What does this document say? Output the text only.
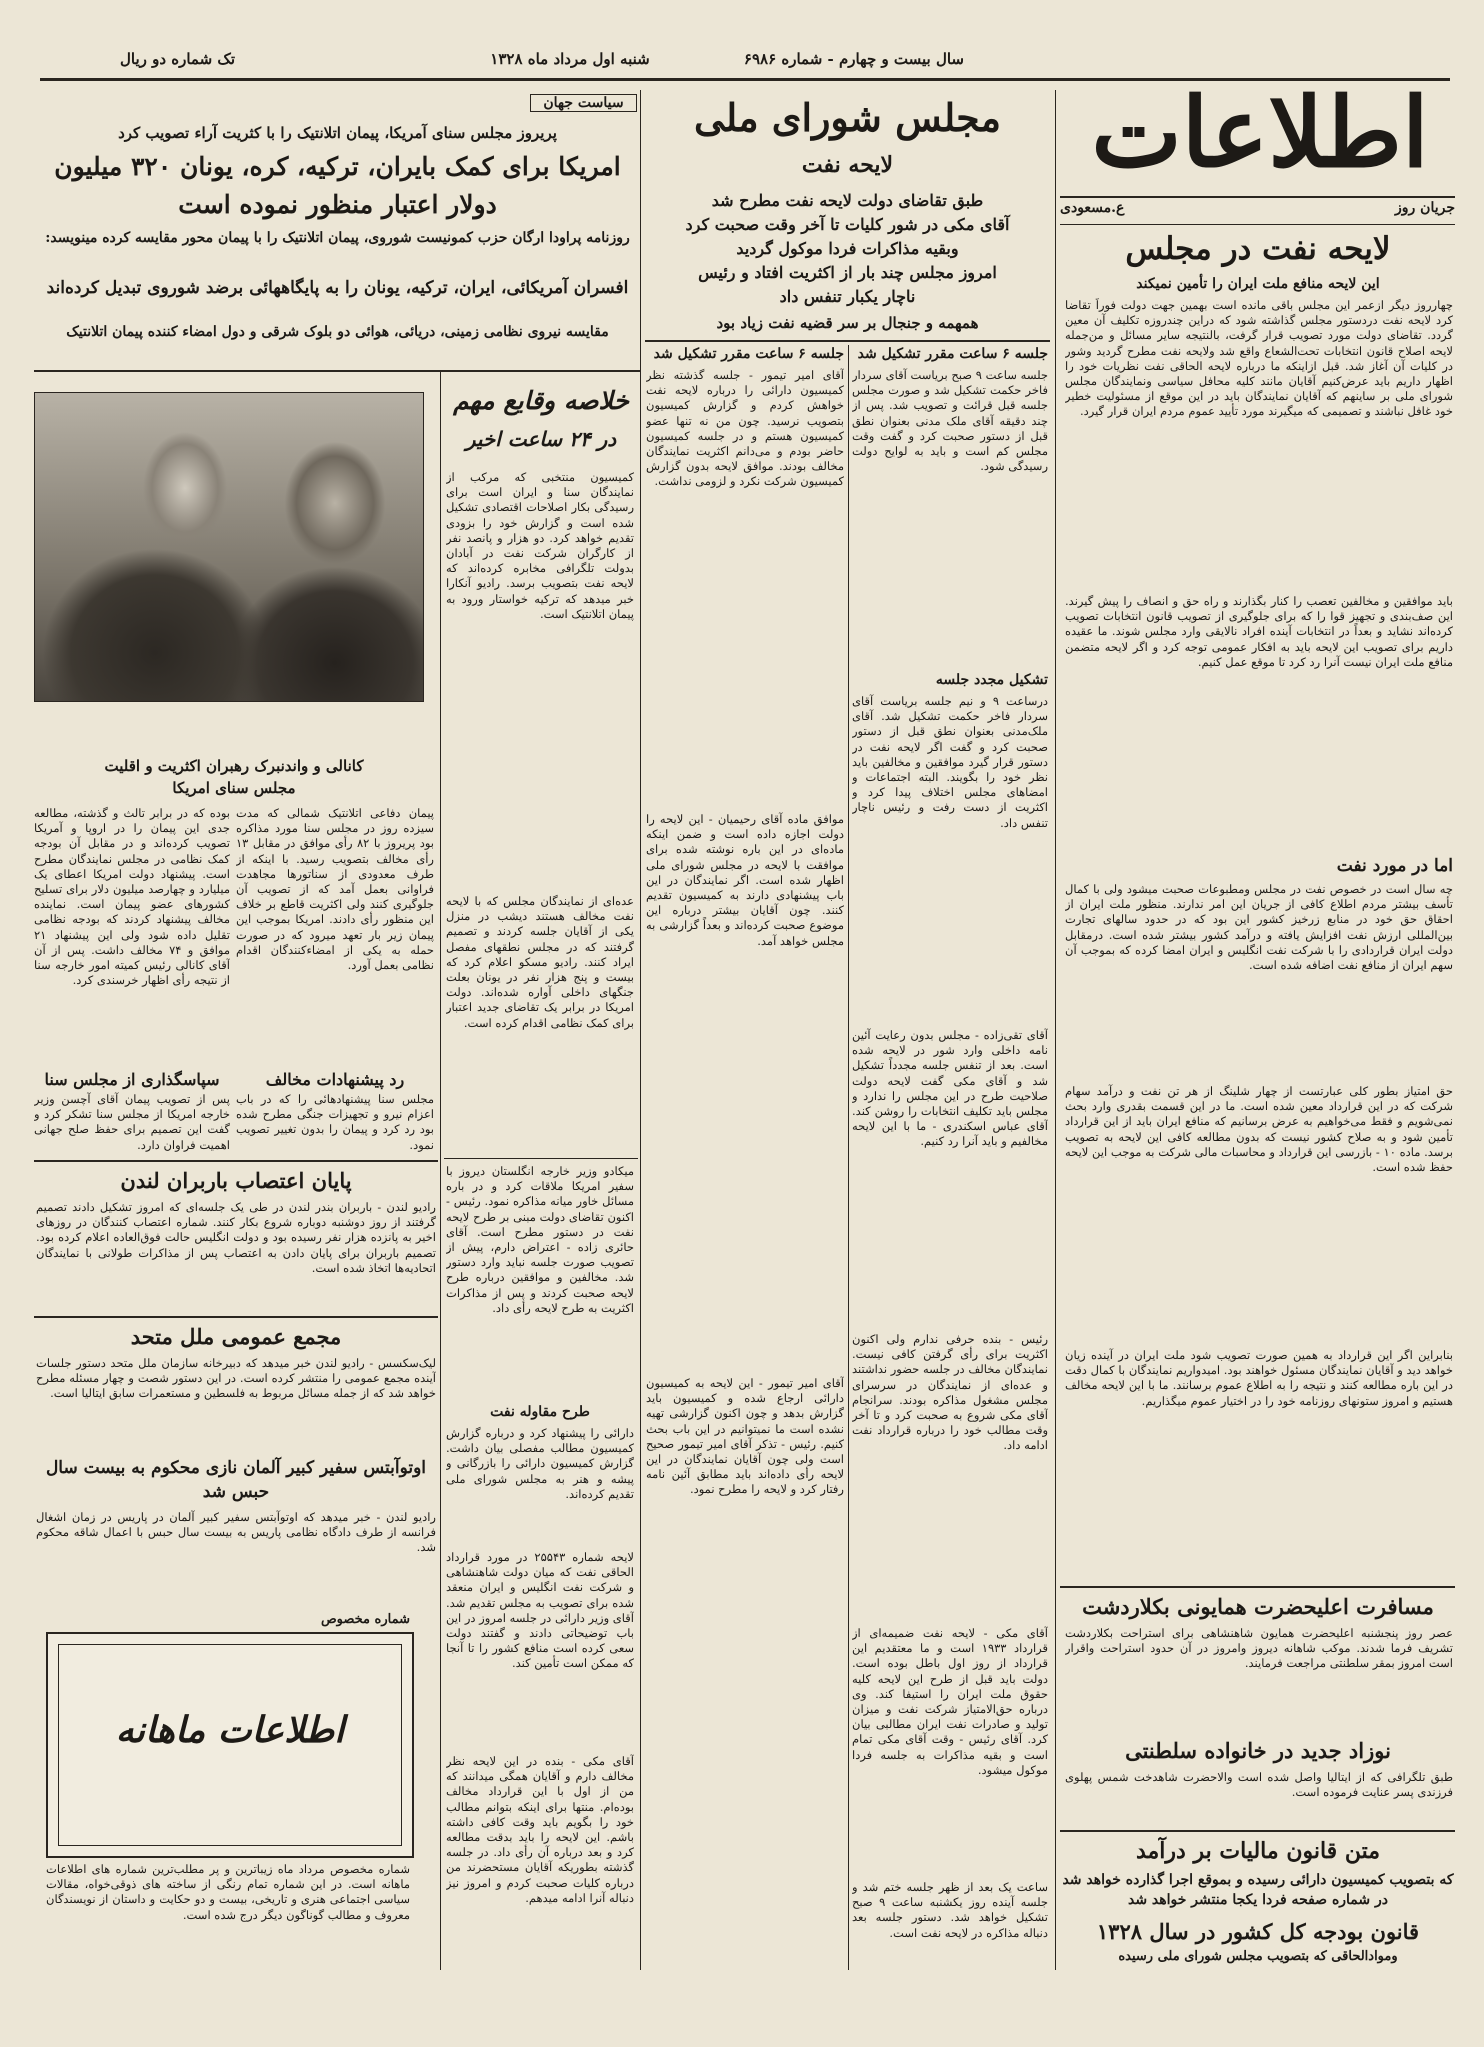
سال بیست و چهارم - شماره ۶۹۸۶
شنبه اول مرداد ماه ۱۳۲۸
تک شماره دو ریال
اطلاعات
جریان روز
ع.مسعودی
لایحه نفت در مجلس
این لایحه منافع ملت ایران را تأمین نمیکند
چهارروز دیگر ازعمر این مجلس باقی مانده است بهمین جهت دولت فوراً تقاضا کرد لایحه نفت دردستور مجلس گذاشته شود که دراین چندروزه تکلیف آن معین گردد. تقاضای دولت مورد تصویب قرار گرفت، بالنتیجه سایر مسائل و من‌جمله لایحه اصلاح قانون انتخابات تحت‌الشعاع واقع شد ولایحه نفت مطرح گردید وشور در کلیات آن آغاز شد. قبل ازاینکه ما درباره لایحه الحاقی نفت نظریات خود را اظهار داریم باید عرض‌کنیم آقایان مانند کلیه محافل سیاسی ونمایندگان مجلس شورای ملی بر ساینهم که آقایان نمایندگان باید در این موقع از مسئولیت خطیر خود غافل نباشند و تصمیمی که میگیرند مورد تأیید عموم مردم ایران قرار گیرد.
باید موافقین و مخالفین تعصب را کنار بگذارند و راه حق و انصاف را پیش گیرند. این صف‌بندی و تجهیز قوا را که برای جلوگیری از تصویب قانون انتخابات تصویب کرده‌اند نشاید و بعداً در انتخابات آینده افراد نالایقی وارد مجلس شوند. ما عقیده داریم برای تصویب این لایحه باید به افکار عمومی توجه کرد و اگر لایحه متضمن منافع ملت ایران نیست آنرا رد کرد تا موقع عمل کنیم.
اما در مورد نفت
چه سال است در خصوص نفت در مجلس ومطبوعات صحبت میشود ولی با کمال تأسف بیشتر مردم اطلاع کافی از جریان این امر ندارند. منظور ملت ایران از احقاق حق خود در منابع زرخیز کشور این بود که در حدود سالهای تجارت بین‌المللی ارزش نفت افزایش یافته و درآمد کشور بیشتر شده است. درمقابل دولت ایران قراردادی را با شرکت نفت انگلیس و ایران امضا کرده که بموجب آن سهم ایران از منافع نفت اضافه شده است.
حق امتیاز بطور کلی عبارتست از چهار شلینگ از هر تن نفت و درآمد سهام شرکت که در این قرارداد معین شده است. ما در این قسمت بقدری وارد بحث نمی‌شویم و فقط می‌خواهیم به عرض برسانیم که منافع ایران باید از این قرارداد تأمین شود و به صلاح کشور نیست که بدون مطالعه کافی این لایحه به تصویب برسد. ماده ۱۰ - بازرسی این قرارداد و محاسبات مالی شرکت به موجب این لایحه حفظ شده است.
بنابراین اگر این قرارداد به همین صورت تصویب شود ملت ایران در آینده زیان خواهد دید و آقایان نمایندگان مسئول خواهند بود. امیدواریم نمایندگان با کمال دقت در این باره مطالعه کنند و نتیجه را به اطلاع عموم برسانند. ما با این لایحه مخالف هستیم و امروز ستونهای روزنامه خود را در اختیار عموم میگذاریم.
مسافرت اعلیحضرت همایونی بکلاردشت
عصر روز پنجشنبه اعلیحضرت همایون شاهنشاهی برای استراحت بکلاردشت تشریف فرما شدند. موکب شاهانه دیروز وامروز در آن حدود استراحت واقرار است امروز بمقر سلطنتی مراجعت فرمایند.
نوزاد جدید در خانواده سلطنتی
طبق تلگرافی که از ایتالیا واصل شده است والاحضرت شاهدخت شمس پهلوی فرزندی پسر عنایت فرموده است.
متن قانون مالیات بر درآمد
که بتصویب کمیسیون دارائی رسیده و بموقع اجرا گذارده خواهد شد در شماره صفحه فردا یکجا منتشر خواهد شد
قانون بودجه کل کشور در سال ۱۳۲۸
وموادالحاقی که بتصویب مجلس شورای ملی رسیده
مجلس شورای ملی
لایحه نفت
طبق تقاضای دولت لایحه نفت مطرح شد
آقای مکی در شور کلیات تا آخر وقت صحبت کرد
وبقیه مذاکرات فردا موکول گردید
امروز مجلس چند بار از اکثریت افتاد و رئیس
ناچار یکبار تنفس داد
همهمه و جنجال بر سر قضیه نفت زیاد بود
جلسه ۶ ساعت مقرر تشکیل شد
جلسه ساعت ۹ صبح بریاست آقای سردار فاخر حکمت تشکیل شد و صورت مجلس جلسه قبل قرائت و تصویب شد. پس از چند دقیقه آقای ملک مدنی بعنوان نطق قبل از دستور صحبت کرد و گفت وقت مجلس کم است و باید به لوایح دولت رسیدگی شود.
تشکیل مجدد جلسه
درساعت ۹ و نیم جلسه بریاست آقای سردار فاخر حکمت تشکیل شد. آقای ملک‌مدنی بعنوان نطق قبل از دستور صحبت کرد و گفت اگر لایحه نفت در دستور قرار گیرد موافقین و مخالفین باید نظر خود را بگویند. البته اجتماعات و امضاهای مجلس اختلاف پیدا کرد و اکثریت از دست رفت و رئیس ناچار تنفس داد.
آقای تقی‌زاده - مجلس بدون رعایت آئین نامه داخلی وارد شور در لایحه شده است. بعد از تنفس جلسه مجدداً تشکیل شد و آقای مکی گفت لایحه دولت صلاحیت طرح در این مجلس را ندارد و مجلس باید تکلیف انتخابات را روشن کند. آقای عباس اسکندری - ما با این لایحه مخالفیم و باید آنرا رد کنیم.
رئیس - بنده حرفی ندارم ولی اکنون اکثریت برای رأی گرفتن کافی نیست. نمایندگان مخالف در جلسه حضور نداشتند و عده‌ای از نمایندگان در سرسرای مجلس مشغول مذاکره بودند. سرانجام آقای مکی شروع به صحبت کرد و تا آخر وقت مطالب خود را درباره قرارداد نفت ادامه داد.
آقای مکی - لایحه نفت ضمیمه‌ای از قرارداد ۱۹۳۳ است و ما معتقدیم این قرارداد از روز اول باطل بوده است. دولت باید قبل از طرح این لایحه کلیه حقوق ملت ایران را استیفا کند. وی درباره حق‌الامتیاز شرکت نفت و میزان تولید و صادرات نفت ایران مطالبی بیان کرد. آقای رئیس - وقت آقای مکی تمام است و بقیه مذاکرات به جلسه فردا موکول میشود.
ساعت یک بعد از ظهر جلسه ختم شد و جلسه آینده روز یکشنبه ساعت ۹ صبح تشکیل خواهد شد. دستور جلسه بعد دنباله مذاکره در لایحه نفت است.
جلسه ۶ ساعت مقرر تشکیل شد
آقای امیر تیمور - جلسه گذشته نظر کمیسیون دارائی را درباره لایحه نفت خواهش کردم و گزارش کمیسیون بتصویب نرسید. چون من نه تنها عضو کمیسیون هستم و در جلسه کمیسیون حاضر بودم و می‌دانم اکثریت نمایندگان مخالف بودند. موافق لایحه بدون گزارش کمیسیون شرکت نکرد و لزومی نداشت.
موافق ماده آقای رحیمیان - این لایحه را دولت اجازه داده است و ضمن اینکه ماده‌ای در این باره نوشته شده برای موافقت با لایحه در مجلس شورای ملی اظهار شده است. اگر نمایندگان در این باب پیشنهادی دارند به کمیسیون تقدیم کنند. چون آقایان بیشتر درباره این موضوع صحبت کرده‌اند و بعداً گزارشی به مجلس خواهد آمد.
آقای امیر تیمور - این لایحه به کمیسیون دارائی ارجاع شده و کمیسیون باید گزارش بدهد و چون اکنون گزارشی تهیه نشده است ما نمیتوانیم در این باب بحث کنیم. رئیس - تذکر آقای امیر تیمور صحیح است ولی چون آقایان نمایندگان در این لایحه رأی داده‌اند باید مطابق آئین نامه رفتار کرد و لایحه را مطرح نمود.
سیاست جهان
پریروز مجلس سنای آمریکا، پیمان اتلانتیک را با کثریت آراء تصویب کرد
امریکا برای کمک بایران، ترکیه، کره، یونان ۳۲۰ میلیون
دولار اعتبار منظور نموده است
روزنامه پراودا ارگان حزب کمونیست شوروی، پیمان اتلانتیک را با پیمان محور مقایسه کرده مینویسد:
افسران آمریکائی، ایران، ترکیه، یونان را به پایگاههائی برضد شوروی تبدیل کرده‌اند
مقایسه نیروی نظامی زمینی، دریائی، هوائی دو بلوک شرقی و دول امضاء کننده پیمان اتلانتیک
کانالی و واندنبرک رهبران اکثریت و اقلیت
مجلس سنای امریکا
پیمان دفاعی اتلانتیک شمالی که مدت سیزده روز در مجلس سنا مورد مذاکره بود پریروز با ۸۲ رأی موافق در مقابل ۱۳ رأی مخالف بتصویب رسید. با اینکه از طرف معدودی از سناتورها مجاهدت فراوانی بعمل آمد که از تصویب آن جلوگیری کنند ولی اکثریت قاطع بر خلاف این منظور رأی دادند. امریکا بموجب این پیمان زیر بار تعهد میرود که در صورت حمله به یکی از امضاءکنندگان اقدام نظامی بعمل آورد.
بوده که در برابر تالث و گذشته، مطالعه جدی این پیمان را در اروپا و آمریکا تصویب کرده‌اند و در مقابل آن بودجه کمک نظامی در مجلس نمایندگان مطرح است. پیشنهاد دولت امریکا اعطای یک میلیارد و چهارصد میلیون دلار برای تسلیح کشورهای عضو پیمان است. نماینده مخالف پیشنهاد کردند که بودجه نظامی تقلیل داده شود ولی این پیشنهاد ۲۱ موافق و ۷۴ مخالف داشت. پس از آن آقای کانالی رئیس کمیته امور خارجه سنا از نتیجه رأی اظهار خرسندی کرد.
رد پیشنهادات مخالف
مجلس سنا پیشنهادهائی را که در باب اعزام نیرو و تجهیزات جنگی مطرح شده بود رد کرد و پیمان را بدون تغییر تصویب نمود.
سپاسگذاری از مجلس سنا
پس از تصویب پیمان آقای آچسن وزیر خارجه امریکا از مجلس سنا تشکر کرد و گفت این تصمیم برای حفظ صلح جهانی اهمیت فراوان دارد.
پایان اعتصاب باربران لندن
رادیو لندن - باربران بندر لندن در طی یک جلسه‌ای که امروز تشکیل دادند تصمیم گرفتند از روز دوشنبه دوباره شروع بکار کنند. شماره اعتصاب کنندگان در روزهای اخیر به پانزده هزار نفر رسیده بود و دولت انگلیس حالت فوق‌العاده اعلام کرده بود. تصمیم باربران برای پایان دادن به اعتصاب پس از مذاکرات طولانی با نمایندگان اتحادیه‌ها اتخاذ شده است.
مجمع عمومی ملل متحد
لیک‌سکسس - رادیو لندن خبر میدهد که دبیرخانه سازمان ملل متحد دستور جلسات آینده مجمع عمومی را منتشر کرده است. در این دستور شصت و چهار مسئله مطرح خواهد شد که از جمله مسائل مربوط به فلسطین و مستعمرات سابق ایتالیا است.
اوتوآبتس سفیر کبیر آلمان نازی محکوم به بیست سال حبس شد
رادیو لندن - خبر میدهد که اوتوآبتس سفیر کبیر آلمان در پاریس در زمان اشغال فرانسه از طرف دادگاه نظامی پاریس به بیست سال حبس با اعمال شاقه محکوم شد.
شماره مخصوص
اطلاعات ماهانه
شماره مخصوص مرداد ماه زیباترین و پر مطلب‌ترین شماره های اطلاعات ماهانه است. در این شماره تمام رنگی از ساخته های ذوقی‌خواه، مقالات سیاسی اجتماعی هنری و تاریخی، بیست و دو حکایت و داستان از نویسندگان معروف و مطالب گوناگون دیگر درج شده است.
خلاصه وقایع مهم
در ۲۴ ساعت اخیر
کمیسیون منتخبی که مرکب از نمایندگان سنا و ایران است برای رسیدگی بکار اصلاحات اقتصادی تشکیل شده است و گزارش خود را بزودی تقدیم خواهد کرد. دو هزار و پانصد نفر از کارگران شرکت نفت در آبادان بدولت تلگرافی مخابره کرده‌اند که لایحه نفت بتصویب برسد. رادیو آنکارا خبر میدهد که ترکیه خواستار ورود به پیمان اتلانتیک است.
عده‌ای از نمایندگان مجلس که با لایحه نفت مخالف هستند دیشب در منزل یکی از آقایان جلسه کردند و تصمیم گرفتند که در مجلس نطقهای مفصل ایراد کنند. رادیو مسکو اعلام کرد که بیست و پنج هزار نفر در یونان بعلت جنگهای داخلی آواره شده‌اند. دولت امریکا در برابر یک تقاضای جدید اعتبار برای کمک نظامی اقدام کرده است.
میکادو وزیر خارجه انگلستان دیروز با سفیر امریکا ملاقات کرد و در باره مسائل خاور میانه مذاکره نمود. رئیس - اکنون تقاضای دولت مبنی بر طرح لایحه نفت در دستور مطرح است. آقای حائری زاده - اعتراض دارم، پیش از تصویب صورت جلسه نباید وارد دستور شد. مخالفین و موافقین درباره طرح لایحه صحبت کردند و پس از مذاکرات اکثریت به طرح لایحه رأی داد.
طرح مقاوله نفت
دارائی را پیشنهاد کرد و درباره گزارش کمیسیون مطالب مفصلی بیان داشت. گزارش کمیسیون دارائی را بازرگانی و پیشه و هنر به مجلس شورای ملی تقدیم کرده‌اند.
لایحه شماره ۲۵۵۴۳ در مورد قرارداد الحاقی نفت که میان دولت شاهنشاهی و شرکت نفت انگلیس و ایران منعقد شده برای تصویب به مجلس تقدیم شد. آقای وزیر دارائی در جلسه امروز در این باب توضیحاتی دادند و گفتند دولت سعی کرده است منافع کشور را تا آنجا که ممکن است تأمین کند.
آقای مکی - بنده در این لایحه نظر مخالف دارم و آقایان همگی میدانند که من از اول با این قرارداد مخالف بوده‌ام. منتها برای اینکه بتوانم مطالب خود را بگویم باید وقت کافی داشته باشم. این لایحه را باید بدقت مطالعه کرد و بعد درباره آن رأی داد. در جلسه گذشته بطوریکه آقایان مستحضرند من درباره کلیات صحبت کردم و امروز نیز دنباله آنرا ادامه میدهم.
